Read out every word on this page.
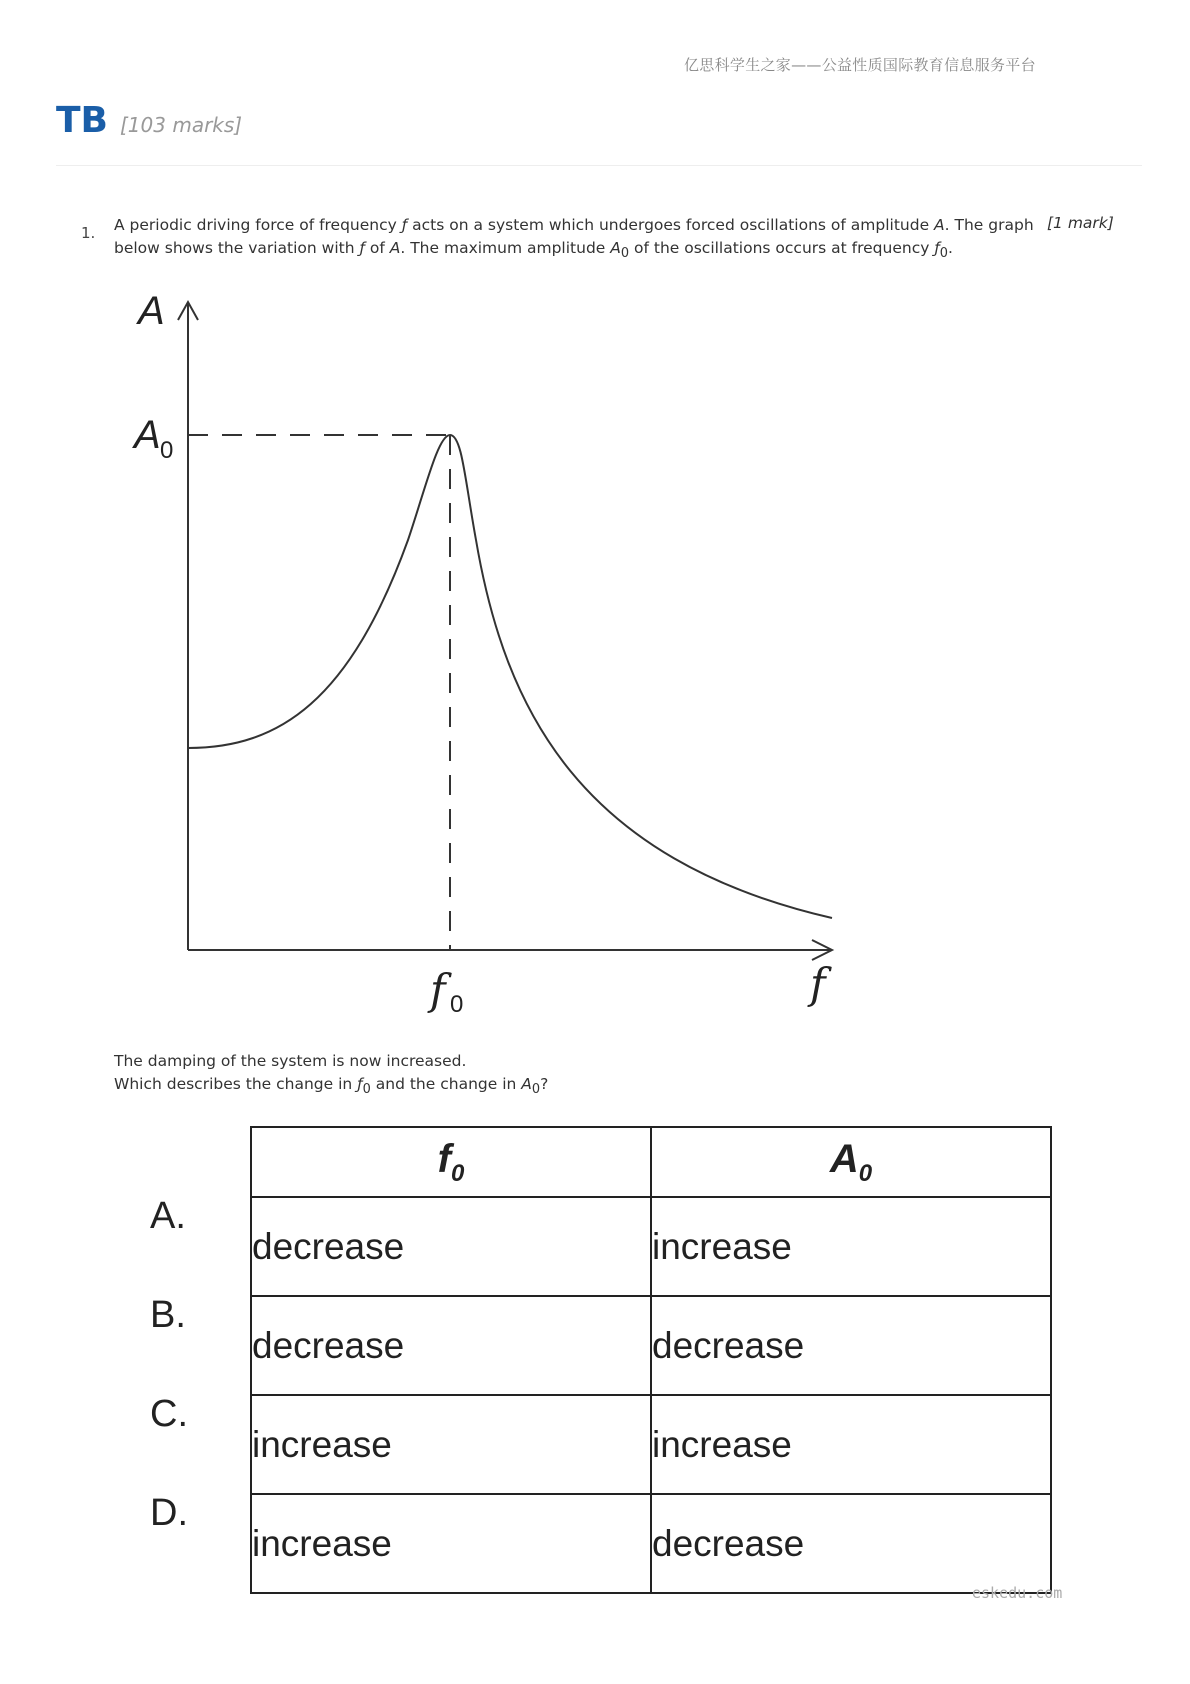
亿思科学生之家——公益性质国际教育信息服务平台
TB [103 marks]
1. A periodic driving force of frequency ƒ acts on a system which undergoes forced oscillations of amplitude A. The graph below shows the variation with ƒ of A. The maximum amplitude $A_0$ of the oscillations occurs at frequency $ƒ_0$.
[1 mark]
A
A 0
f 0	f
The damping of the system is now increased.
Which describes the change in $ƒ_0$ and the change in $A_0$?
A.
B.
C.
D.
$f_0$	$A_0$
decrease	increase
decrease	decrease
increase	increase
increase	decrease
eskedu.com
